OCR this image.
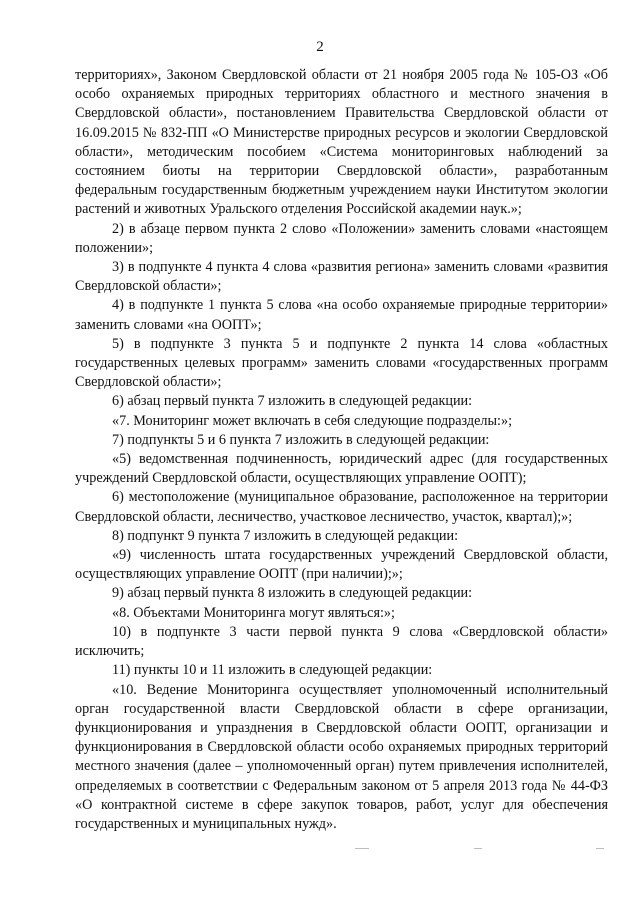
2

территориях», Законом Свердловской области от 21 ноября 2005 года № 105-ОЗ «Об особо охраняемых природных территориях областного и местного значения в Свердловской области», постановлением Правительства Свердловской области от 16.09.2015 № 832-ПП «О Министерстве природных ресурсов и экологии Свердловской области», методическим пособием «Система мониторинговых наблюдений за состоянием биоты на территории Свердловской области», разработанным федеральным государственным бюджетным учреждением науки Институтом экологии растений и животных Уральского отделения Российской академии наук.»;

2) в абзаце первом пункта 2 слово «Положении» заменить словами «настоящем положении»;

3) в подпункте 4 пункта 4 слова «развития региона» заменить словами «развития Свердловской области»;

4) в подпункте 1 пункта 5 слова «на особо охраняемые природные территории» заменить словами «на ООПТ»;

5) в подпункте 3 пункта 5 и подпункте 2 пункта 14 слова «областных государственных целевых программ» заменить словами «государственных программ Свердловской области»;

6) абзац первый пункта 7 изложить в следующей редакции:

«7. Мониторинг может включать в себя следующие подразделы:»;

7) подпункты 5 и 6 пункта 7 изложить в следующей редакции:

«5) ведомственная подчиненность, юридический адрес (для государственных учреждений Свердловской области, осуществляющих управление ООПТ);

6) местоположение (муниципальное образование, расположенное на территории Свердловской области, лесничество, участковое лесничество, участок, квартал);»;

8) подпункт 9 пункта 7 изложить в следующей редакции:

«9) численность штата государственных учреждений Свердловской области, осуществляющих управление ООПТ (при наличии);»;

9) абзац первый пункта 8 изложить в следующей редакции:

«8. Объектами Мониторинга могут являться:»;

10) в подпункте 3 части первой пункта 9 слова «Свердловской области» исключить;

11) пункты 10 и 11 изложить в следующей редакции:

«10. Ведение Мониторинга осуществляет уполномоченный исполнительный орган государственной власти Свердловской области в сфере организации, функционирования и упразднения в Свердловской области ООПТ, организации и функционирования в Свердловской области особо охраняемых природных территорий местного значения (далее – уполномоченный орган) путем привлечения исполнителей, определяемых в соответствии с Федеральным законом от 5 апреля 2013 года № 44-ФЗ «О контрактной системе в сфере закупок товаров, работ, услуг для обеспечения государственных и муниципальных нужд».
